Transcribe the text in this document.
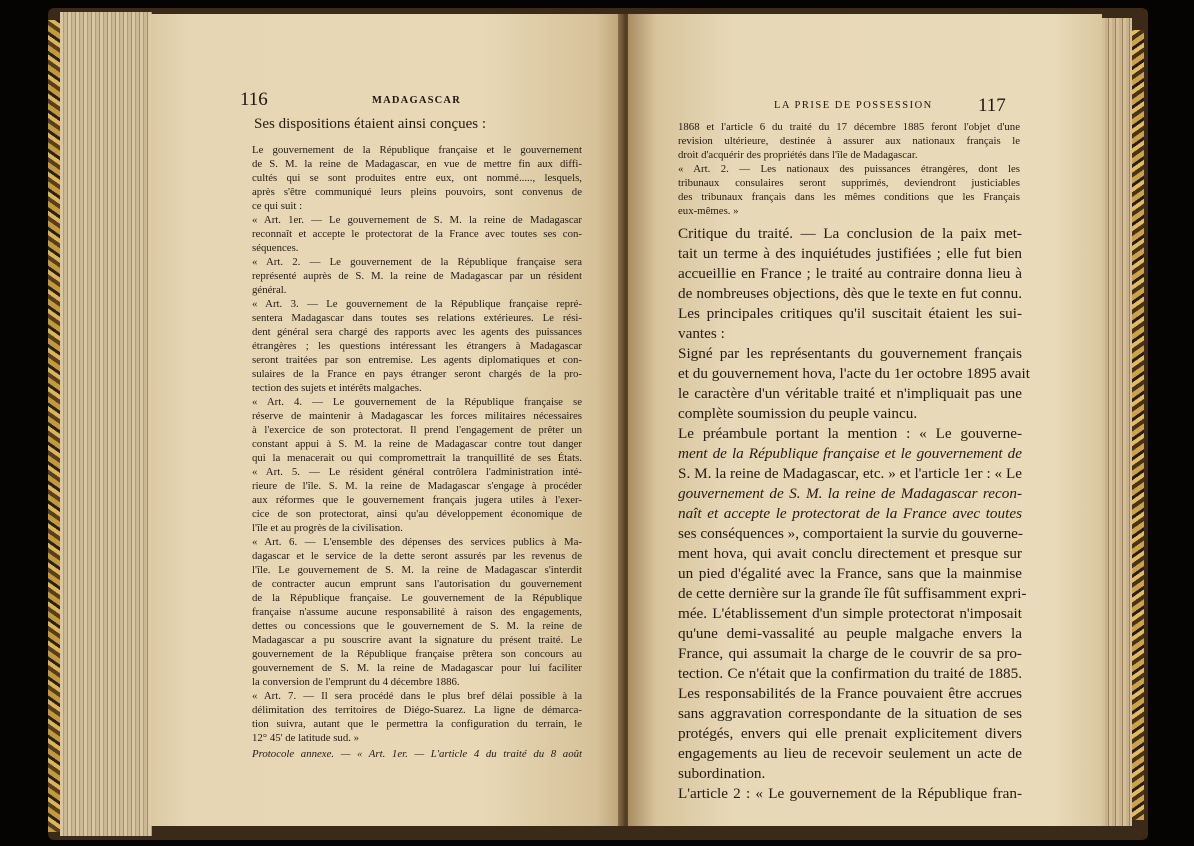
116	MADAGASCAR
Ses dispositions étaient ainsi conçues :
Le gouvernement de la République française et le gouvernement
de S. M. la reine de Madagascar, en vue de mettre fin aux diffi-
cultés qui se sont produites entre eux, ont nommé....., lesquels,
après s'être communiqué leurs pleins pouvoirs, sont convenus de
ce qui suit :
« Art. 1er. — Le gouvernement de S. M. la reine de Madagascar
reconnaît et accepte le protectorat de la France avec toutes ses con-
séquences.
« Art. 2. — Le gouvernement de la République française sera
représenté auprès de S. M. la reine de Madagascar par un résident
général.
« Art. 3. — Le gouvernement de la République française repré-
sentera Madagascar dans toutes ses relations extérieures. Le rési-
dent général sera chargé des rapports avec les agents des puissances
étrangères ; les questions intéressant les étrangers à Madagascar
seront traitées par son entremise. Les agents diplomatiques et con-
sulaires de la France en pays étranger seront chargés de la pro-
tection des sujets et intérêts malgaches.
« Art. 4. — Le gouvernement de la République française se
réserve de maintenir à Madagascar les forces militaires nécessaires
à l'exercice de son protectorat. Il prend l'engagement de prêter un
constant appui à S. M. la reine de Madagascar contre tout danger
qui la menacerait ou qui compromettrait la tranquillité de ses États.
« Art. 5. — Le résident général contrôlera l'administration inté-
rieure de l'île. S. M. la reine de Madagascar s'engage à procéder
aux réformes que le gouvernement français jugera utiles à l'exer-
cice de son protectorat, ainsi qu'au développement économique de
l'île et au progrès de la civilisation.
« Art. 6. — L'ensemble des dépenses des services publics à Ma-
dagascar et le service de la dette seront assurés par les revenus de
l'île. Le gouvernement de S. M. la reine de Madagascar s'interdit
de contracter aucun emprunt sans l'autorisation du gouvernement
de la République française. Le gouvernement de la République
française n'assume aucune responsabilité à raison des engagements,
dettes ou concessions que le gouvernement de S. M. la reine de
Madagascar a pu souscrire avant la signature du présent traité. Le
gouvernement de la République française prêtera son concours au
gouvernement de S. M. la reine de Madagascar pour lui faciliter
la conversion de l'emprunt du 4 décembre 1886.
« Art. 7. — Il sera procédé dans le plus bref délai possible à la
délimitation des territoires de Diégo-Suarez. La ligne de démarca-
tion suivra, autant que le permettra la configuration du terrain, le
12° 45' de latitude sud. »
Protocole annexe. — « Art. 1er. — L'article 4 du traité du 8 août
LA PRISE DE POSSESSION 117
1868 et l'article 6 du traité du 17 décembre 1885 feront l'objet d'une
revision ultérieure, destinée à assurer aux nationaux français le
droit d'acquérir des propriétés dans l'île de Madagascar.
« Art. 2. — Les nationaux des puissances étrangères, dont les
tribunaux consulaires seront supprimés, deviendront justiciables
des tribunaux français dans les mêmes conditions que les Français
eux-mêmes. »
Critique du traité. — La conclusion de la paix met-
tait un terme à des inquiétudes justifiées ; elle fut bien
accueillie en France ; le traité au contraire donna lieu à
de nombreuses objections, dès que le texte en fut connu.
Les principales critiques qu'il suscitait étaient les sui-
vantes :
Signé par les représentants du gouvernement français
et du gouvernement hova, l'acte du 1er octobre 1895 avait
le caractère d'un véritable traité et n'impliquait pas une
complète soumission du peuple vaincu.
Le préambule portant la mention : « Le gouverne-
ment de la République française et le gouvernement de
S. M. la reine de Madagascar, etc. » et l'article 1er : « Le
gouvernement de S. M. la reine de Madagascar recon-
naît et accepte le protectorat de la France avec toutes
ses conséquences », comportaient la survie du gouverne-
ment hova, qui avait conclu directement et presque sur
un pied d'égalité avec la France, sans que la mainmise
de cette dernière sur la grande île fût suffisamment expri-
mée. L'établissement d'un simple protectorat n'imposait
qu'une demi-vassalité au peuple malgache envers la
France, qui assumait la charge de le couvrir de sa pro-
tection. Ce n'était que la confirmation du traité de 1885.
Les responsabilités de la France pouvaient être accrues
sans aggravation correspondante de la situation de ses
protégés, envers qui elle prenait explicitement divers
engagements au lieu de recevoir seulement un acte de
subordination.
L'article 2 : « Le gouvernement de la République fran-
